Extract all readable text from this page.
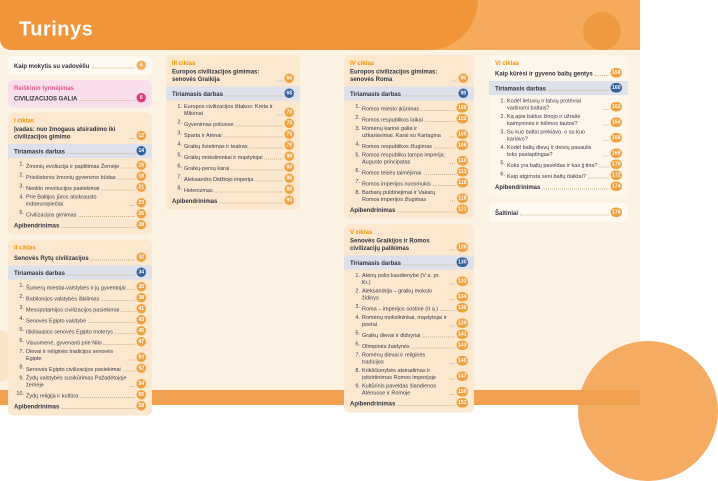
Turinys
Kaip mokytis su vadovėliu	4
Reiškinio tyrinėjimas
CIVILIZACIJOS GALIA	6
I ciklas
Įvadas: nuo žmogaus atsiradimo iki civilizacijos gimimo	12
Tiriamasis darbas	14
1. Žmonių evoliucija ir paplitimas Žemėje 16
2. Priešistorės žmonių gyvenimo būdas 18
3. Neolito revoliucijos pasiekimai	21
4. Prie Baltijos jūros atsikrausto indoeuropiečiai	23
5. Civilizacijos gimimas	26
Apibendrinimas	28
II ciklas
Senovės Rytų civilizacijos	32
Tiriamasis darbas	34
1. Šumerų miestai-valstybės ir jų gyventojai 36
2. Babilonijos valstybės iškilimas	38
3. Mesopotamijos civilizacijos pasiekimai 41
4. Senovės Egipto valstybė	43
5. Iškiliausios senovės Egipto moterys	45
6. Visuomenė, gyvenanti prie Nilo	47
7. Dievai ir religinės tradicijos senovės Egipte	50
8. Senovės Egipto civilizacijos pasiekimai 52
9. Žydų valstybės susikūrimas Pažadėtojoje žemėje	54
10. Žydų religija ir kultūra	56
Apibendrinimas	58
III ciklas
Europos civilizacijos gimimas: senovės Graikija	66
Tiriamasis darbas	68
1. Europos civilizacijos ištakos: Kreta ir Mikėnai	70
2. Gyvenimas poliuose	73
3. Sparta ir Atėnai	75
4. Graikų švietimas ir teatras	78
5. Graikų mokslininkai ir mąstytojai 80
6. Graikų-persų karai	83
7. Aleksandro Didžiojo imperija	86
8. Helenizmas	88
Apibendrinimas	90
IV ciklas
Europos civilizacijos gimimas: senovės Roma	96
Tiriamasis darbas	98
1. Romos miesto įkūrimas	100
2. Romos respublikos laikai	102
3. Romėnų karinė galia ir užkariavimai. Karai su Kartagina	105
4. Romos respublikos žlugimas	108
5. Romos respublika tampa imperija: Augusto principatas	110
6. Romos teisės laimėjimai	113
7. Romos imperijos nuosmukis	116
8. Barbarų puldinėjimai ir Vakarų Romos imperijos žlugimas	118
Apibendrinimas	121
V ciklas
Senovės Graikijos ir Romos civilizacijų palikimas	128
Tiriamasis darbas	130
1. Atėnų polio kasdienybė (V a. pr. Kr.)	132
2. Aleksandrija – graikų mokslo židinys	134
3. Roma – imperijos sostinė (II a.) 136
4. Romėnų mokslininkai, mąstytojai ir poetai	139
5. Graikų dievai ir didvyriai	141
6. Olimpinės žaidynės	143
7. Romėnų dievai ir religinės tradicijos	145
8. Krikščionybės atsiradimas ir įsitvirtinimas Romos imperijoje	147
9. Kultūrinis paveldas šiandienos Atėnuose ir Romoje	150
Apibendrinimas	152
VI ciklas
Kaip kūrėsi ir gyveno baltų gentys 158
Tiriamasis darbas	160
1. Kodėl lietuvių ir latvių protėviai vadinami baltais?	162
2. Ką apie baltus žinojo ir užrašė kaimyninės ir tolimos tautos?	164
3. Su kuo baltai prekiavo, o su kuo kariavo?	166
4. Kodėl baltų dievų ir deivių pasaulis toks paslaptingas?	168
5. Koks yra baltų paveldas ir kas jį tiria? 170
6. Kaip atgimsta seni baltų daiktai?	172
Apibendrinimas	174
Šaltiniai	176
